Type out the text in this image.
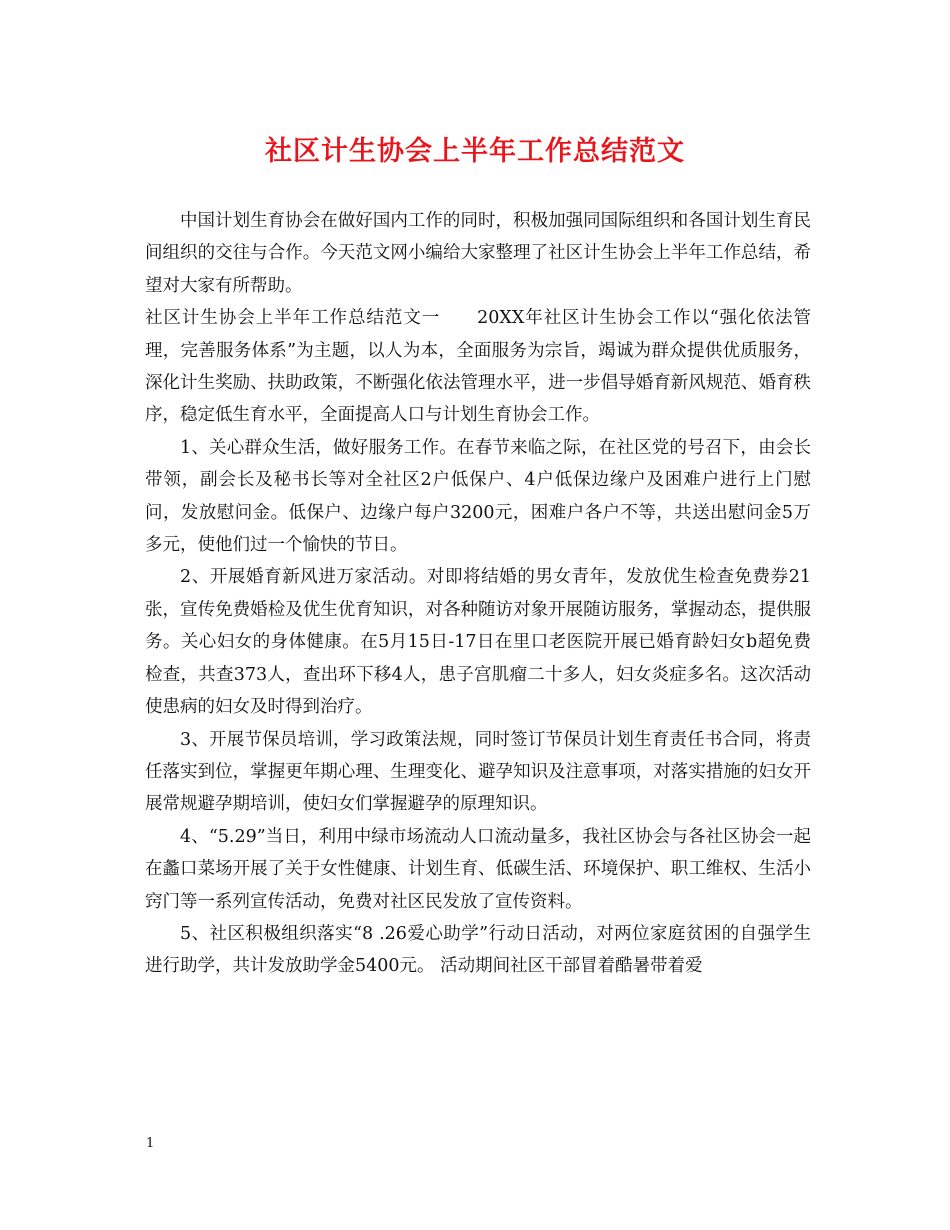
社区计生协会上半年工作总结范文

中国计划生育协会在做好国内工作的同时，积极加强同国际组织和各国计划生育民间组织的交往与合作。今天范文网小编给大家整理了社区计生协会上半年工作总结，希望对大家有所帮助。

社区计生协会上半年工作总结范文一　　20XX年社区计生协会工作以“强化依法管理，完善服务体系”为主题，以人为本，全面服务为宗旨，竭诚为群众提供优质服务，深化计生奖励、扶助政策，不断强化依法管理水平，进一步倡导婚育新风规范、婚育秩序，稳定低生育水平，全面提高人口与计划生育协会工作。

1、关心群众生活，做好服务工作。在春节来临之际，在社区党的号召下，由会长带领，副会长及秘书长等对全社区2户低保户、4户低保边缘户及困难户进行上门慰问，发放慰问金。低保户、边缘户每户3200元，困难户各户不等，共送出慰问金5万多元，使他们过一个愉快的节日。

2、开展婚育新风进万家活动。对即将结婚的男女青年，发放优生检查免费券21张，宣传免费婚检及优生优育知识，对各种随访对象开展随访服务，掌握动态，提供服务。关心妇女的身体健康。在5月15日-17日在里口老医院开展已婚育龄妇女b超免费检查，共查373人，查出环下移4人，患子宫肌瘤二十多人，妇女炎症多名。这次活动使患病的妇女及时得到治疗。

3、开展节保员培训，学习政策法规，同时签订节保员计划生育责任书合同，将责任落实到位，掌握更年期心理、生理变化、避孕知识及注意事项，对落实措施的妇女开展常规避孕期培训，使妇女们掌握避孕的原理知识。

4、“5.29”当日，利用中绿市场流动人口流动量多，我社区协会与各社区协会一起在蠡口菜场开展了关于女性健康、计划生育、低碳生活、环境保护、职工维权、生活小窍门等一系列宣传活动，免费对社区民发放了宣传资料。

5、社区积极组织落实“8 .26爱心助学”行动日活动，对两位家庭贫困的自强学生进行助学，共计发放助学金5400元。 活动期间社区干部冒着酷暑带着爱

1
